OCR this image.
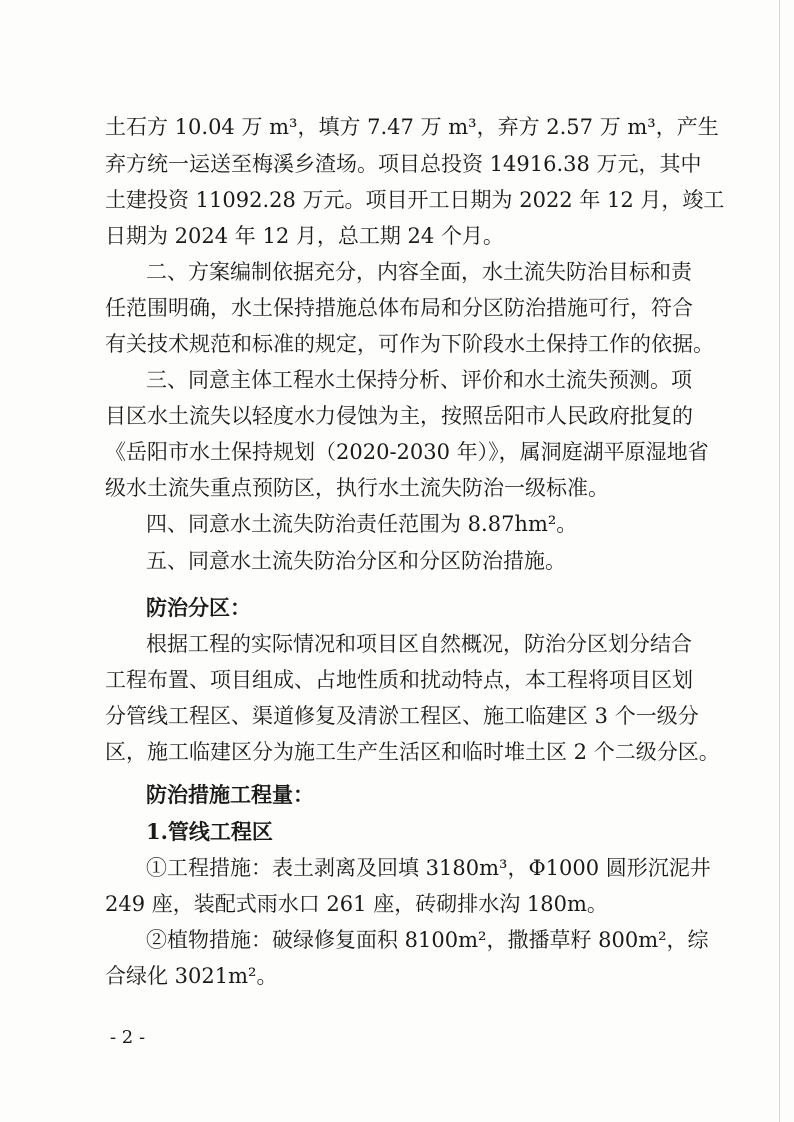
土石方 10.04 万 m³，填方 7.47 万 m³，弃方 2.57 万 m³，产生
弃方统一运送至梅溪乡渣场。项目总投资 14916.38 万元，其中
土建投资 11092.28 万元。项目开工日期为 2022 年 12 月，竣工
日期为 2024 年 12 月，总工期 24 个月。
二、方案编制依据充分，内容全面，水土流失防治目标和责
任范围明确，水土保持措施总体布局和分区防治措施可行，符合
有关技术规范和标准的规定，可作为下阶段水土保持工作的依据。
三、同意主体工程水土保持分析、评价和水土流失预测。项
目区水土流失以轻度水力侵蚀为主，按照岳阳市人民政府批复的
《岳阳市水土保持规划（2020-2030 年）》，属洞庭湖平原湿地省
级水土流失重点预防区，执行水土流失防治一级标准。
四、同意水土流失防治责任范围为 8.87hm²。
五、同意水土流失防治分区和分区防治措施。
防治分区：
根据工程的实际情况和项目区自然概况，防治分区划分结合
工程布置、项目组成、占地性质和扰动特点，本工程将项目区划
分管线工程区、渠道修复及清淤工程区、施工临建区 3 个一级分
区，施工临建区分为施工生产生活区和临时堆土区 2 个二级分区。
防治措施工程量：
1.管线工程区
①工程措施：表土剥离及回填 3180m³，Φ1000 圆形沉泥井
249 座，装配式雨水口 261 座，砖砌排水沟 180m。
②植物措施：破绿修复面积 8100m²，撒播草籽 800m²，综
合绿化 3021m²。
- 2 -
